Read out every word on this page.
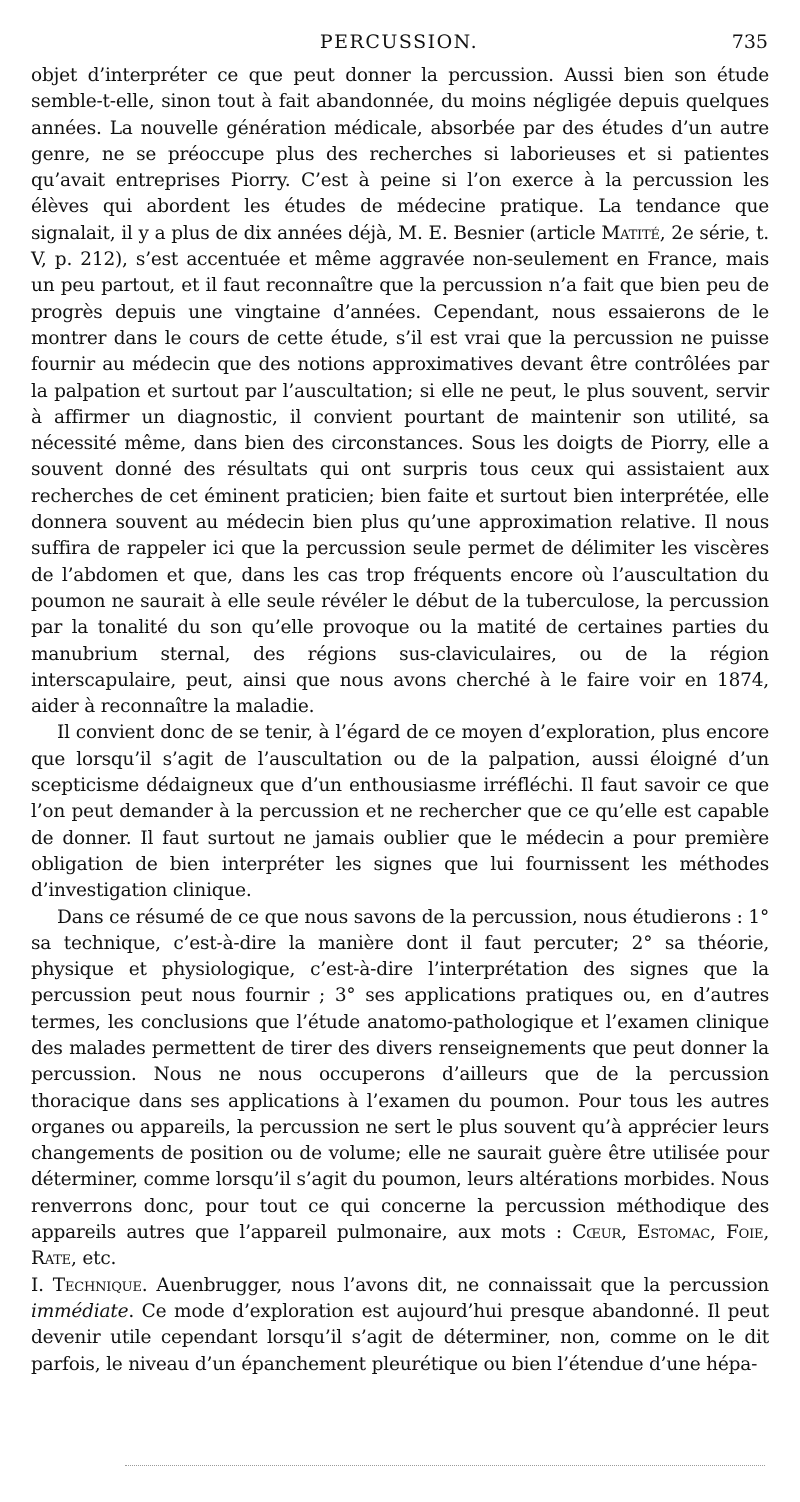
PERCUSSION.	735

objet d’interpréter ce que peut donner la percussion. Aussi bien son étude semble-t-elle, sinon tout à fait abandonnée, du moins négligée depuis quelques années. La nouvelle génération médicale, absorbée par des études d’un autre genre, ne se préoccupe plus des recherches si laborieuses et si patientes qu’avait entreprises Piorry. C’est à peine si l’on exerce à la percussion les élèves qui abordent les études de médecine pratique. La tendance que signalait, il y a plus de dix années déjà, M. E. Besnier (article Matité, 2e série, t. V, p. 212), s’est accentuée et même aggravée non-seulement en France, mais un peu partout, et il faut reconnaître que la percussion n’a fait que bien peu de progrès depuis une vingtaine d’années. Cependant, nous essaierons de le montrer dans le cours de cette étude, s’il est vrai que la percussion ne puisse fournir au médecin que des notions approximatives devant être contrôlées par la palpation et surtout par l’auscultation; si elle ne peut, le plus souvent, servir à affirmer un diagnostic, il convient pourtant de maintenir son utilité, sa nécessité même, dans bien des circonstances. Sous les doigts de Piorry, elle a souvent donné des résultats qui ont surpris tous ceux qui assistaient aux recherches de cet éminent praticien; bien faite et surtout bien interprétée, elle donnera souvent au médecin bien plus qu’une approximation relative. Il nous suffira de rappeler ici que la percussion seule permet de délimiter les viscères de l’abdomen et que, dans les cas trop fréquents encore où l’auscultation du poumon ne saurait à elle seule révéler le début de la tuberculose, la percussion par la tonalité du son qu’elle provoque ou la matité de certaines parties du manubrium sternal, des régions sus-claviculaires, ou de la région interscapulaire, peut, ainsi que nous avons cherché à le faire voir en 1874, aider à reconnaître la maladie.

Il convient donc de se tenir, à l’égard de ce moyen d’exploration, plus encore que lorsqu’il s’agit de l’auscultation ou de la palpation, aussi éloigné d’un scepticisme dédaigneux que d’un enthousiasme irréfléchi. Il faut savoir ce que l’on peut demander à la percussion et ne rechercher que ce qu’elle est capable de donner. Il faut surtout ne jamais oublier que le médecin a pour première obligation de bien interpréter les signes que lui fournissent les méthodes d’investigation clinique.

Dans ce résumé de ce que nous savons de la percussion, nous étudierons : 1° sa technique, c’est-à-dire la manière dont il faut percuter; 2° sa théorie, physique et physiologique, c’est-à-dire l’interprétation des signes que la percussion peut nous fournir ; 3° ses applications pratiques ou, en d’autres termes, les conclusions que l’étude anatomo-pathologique et l’examen clinique des malades permettent de tirer des divers renseignements que peut donner la percussion. Nous ne nous occuperons d’ailleurs que de la percussion thoracique dans ses applications à l’examen du poumon. Pour tous les autres organes ou appareils, la percussion ne sert le plus souvent qu’à apprécier leurs changements de position ou de volume; elle ne saurait guère être utilisée pour déterminer, comme lorsqu’il s’agit du poumon, leurs altérations morbides. Nous renverrons donc, pour tout ce qui concerne la percussion méthodique des appareils autres que l’appareil pulmonaire, aux mots : Cœur, Estomac, Foie, Rate, etc.

I. Technique. Auenbrugger, nous l’avons dit, ne connaissait que la percussion immédiate. Ce mode d’exploration est aujourd’hui presque abandonné. Il peut devenir utile cependant lorsqu’il s’agit de déterminer, non, comme on le dit parfois, le niveau d’un épanchement pleurétique ou bien l’étendue d’une hépa-
